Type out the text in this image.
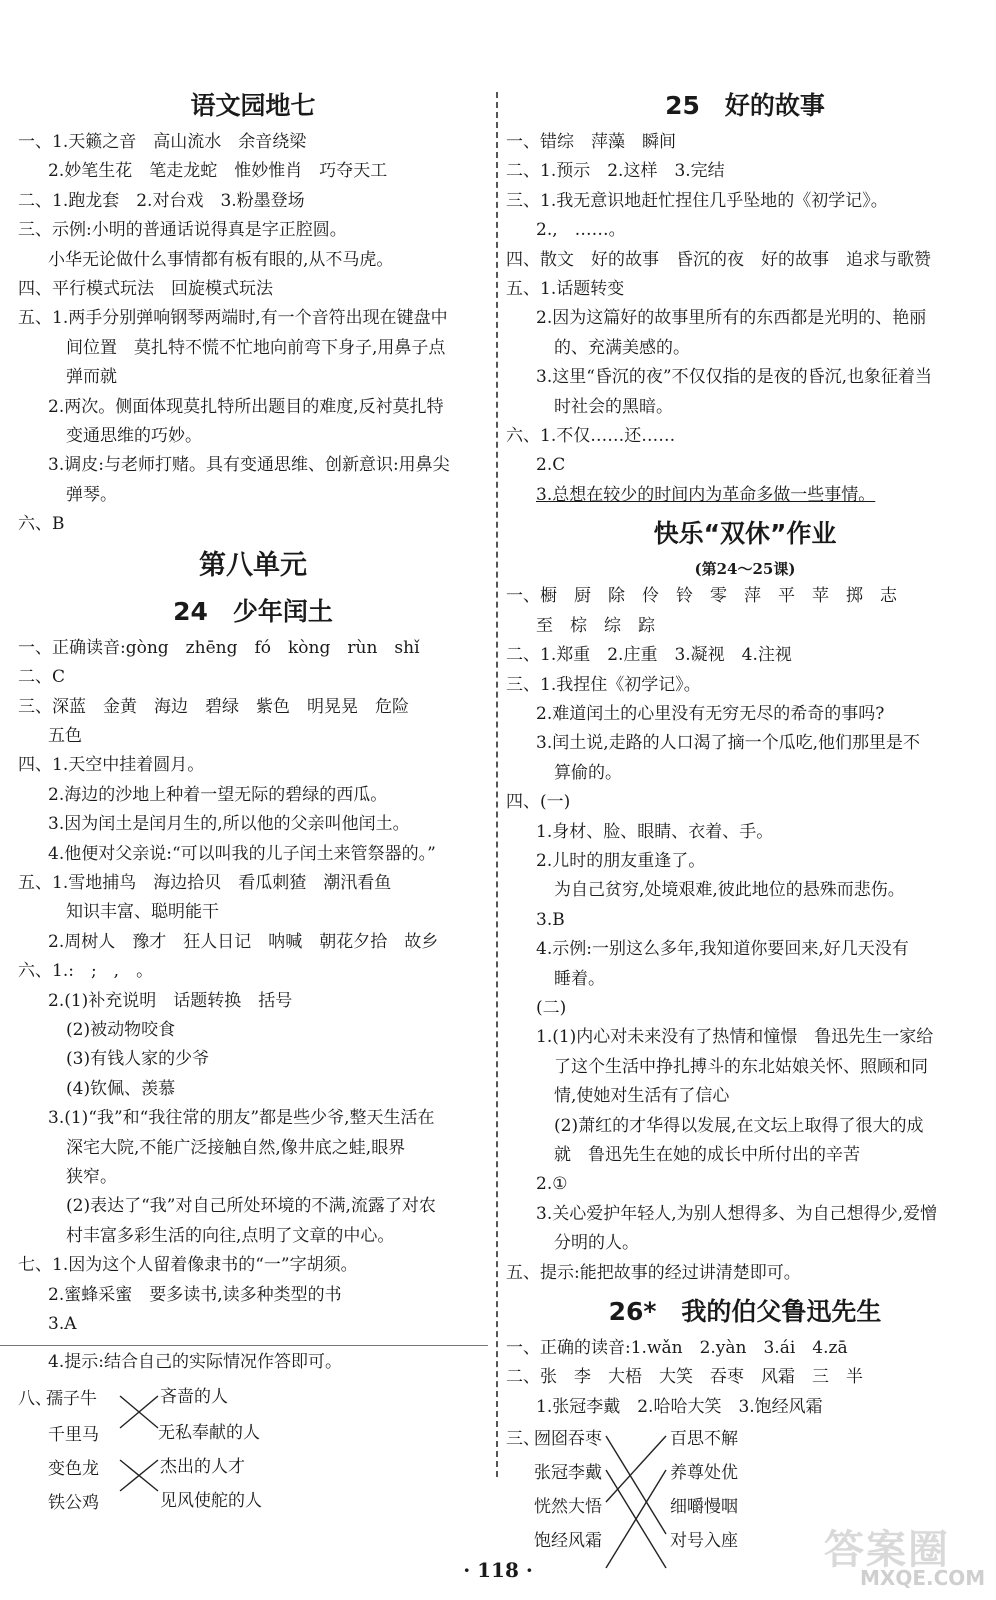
语文园地七
一、1.天籁之音　高山流水　余音绕梁
2.妙笔生花　笔走龙蛇　惟妙惟肖　巧夺天工
二、1.跑龙套　2.对台戏　3.粉墨登场
三、示例:小明的普通话说得真是字正腔圆。
小华无论做什么事情都有板有眼的,从不马虎。
四、平行模式玩法　回旋模式玩法
五、1.两手分别弹响钢琴两端时,有一个音符出现在键盘中
间位置　莫扎特不慌不忙地向前弯下身子,用鼻子点
弹而就
2.两次。侧面体现莫扎特所出题目的难度,反衬莫扎特
变通思维的巧妙。
3.调皮:与老师打赌。具有变通思维、创新意识:用鼻尖
弹琴。
六、B
第八单元
24　少年闰土
一、正确读音:gòng　zhēng　fó　kòng　rùn　shǐ
二、C
三、深蓝　金黄　海边　碧绿　紫色　明晃晃　危险
五色
四、1.天空中挂着圆月。
2.海边的沙地上种着一望无际的碧绿的西瓜。
3.因为闰土是闰月生的,所以他的父亲叫他闰土。
4.他便对父亲说:“可以叫我的儿子闰土来管祭器的。”
五、1.雪地捕鸟　海边拾贝　看瓜刺猹　潮汛看鱼
知识丰富、聪明能干
2.周树人　豫才　狂人日记　呐喊　朝花夕拾　故乡
六、1.:　;　,　。
2.(1)补充说明　话题转换　括号
(2)被动物咬食
(3)有钱人家的少爷
(4)钦佩、羡慕
3.(1)“我”和“我往常的朋友”都是些少爷,整天生活在
深宅大院,不能广泛接触自然,像井底之蛙,眼界
狭窄。
(2)表达了“我”对自己所处环境的不满,流露了对农
村丰富多彩生活的向往,点明了文章的中心。
七、1.因为这个人留着像隶书的“一”字胡须。
2.蜜蜂采蜜　要多读书,读多种类型的书
3.A
4.提示:结合自己的实际情况作答即可。
八、
孺子牛
千里马
变色龙
铁公鸡
吝啬的人
无私奉献的人
杰出的人才
见风使舵的人
25　好的故事
一、错综　萍藻　瞬间
二、1.预示　2.这样　3.完结
三、1.我无意识地赶忙捏住几乎坠地的《初学记》。
2.,　……。
四、散文　好的故事　昏沉的夜　好的故事　追求与歌赞
五、1.话题转变
2.因为这篇好的故事里所有的东西都是光明的、艳丽
的、充满美感的。
3.这里“昏沉的夜”不仅仅指的是夜的昏沉,也象征着当
时社会的黑暗。
六、1.不仅……还……
2.C
3.总想在较少的时间内为革命多做一些事情。
快乐“双休”作业
(第24～25课)
一、橱　厨　除　伶　铃　零　萍　平　苹　掷　志
至　棕　综　踪
二、1.郑重　2.庄重　3.凝视　4.注视
三、1.我捏住《初学记》。
2.难道闰土的心里没有无穷无尽的希奇的事吗?
3.闰土说,走路的人口渴了摘一个瓜吃,他们那里是不
算偷的。
四、(一)
1.身材、脸、眼睛、衣着、手。
2.儿时的朋友重逢了。
为自己贫穷,处境艰难,彼此地位的悬殊而悲伤。
3.B
4.示例:一别这么多年,我知道你要回来,好几天没有
睡着。
(二)
1.(1)内心对未来没有了热情和憧憬　鲁迅先生一家给
了这个生活中挣扎搏斗的东北姑娘关怀、照顾和同
情,使她对生活有了信心
(2)萧红的才华得以发展,在文坛上取得了很大的成
就　鲁迅先生在她的成长中所付出的辛苦
2.①
3.关心爱护年轻人,为别人想得多、为自己想得少,爱憎
分明的人。
五、提示:能把故事的经过讲清楚即可。
26*　我的伯父鲁迅先生
一、正确的读音:1.wǎn　2.yàn　3.ái　4.zā
二、张　李　大梧　大笑　吞枣　风霜　三　半
1.张冠李戴　2.哈哈大笑　3.饱经风霜
三、
囫囵吞枣
张冠李戴
恍然大悟
饱经风霜
百思不解
养尊处优
细嚼慢咽
对号入座
· 118 ·	答案圈
MXQE.COM
